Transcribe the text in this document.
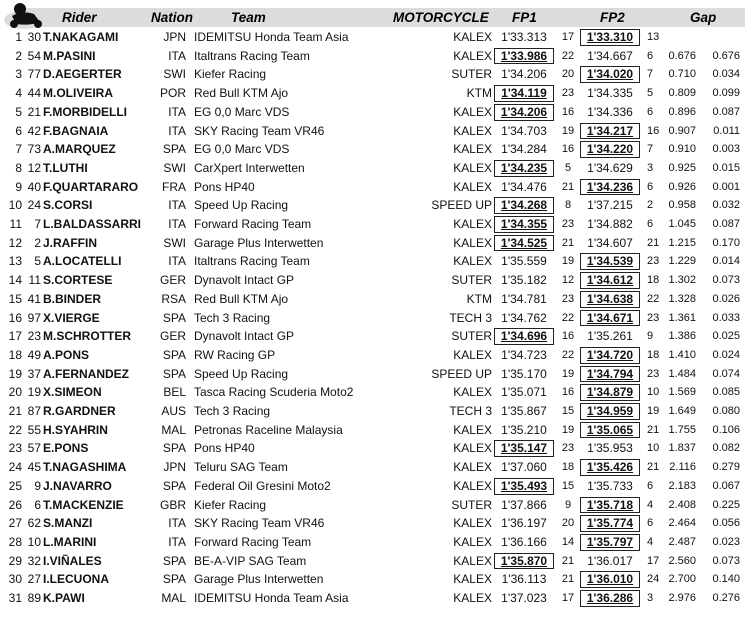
Rider	Nation	Team	MOTORCYCLE FP1	FP2	Gap
1 30 T.NAKAGAMI	JPN IDEMITSU Honda Team Asia	KALEX 1'33.313	17	1'33.310	13
2 54 M.PASINI	ITA Italtrans Racing Team	KALEX 1'33.986	22	1'34.667	6	0.676	0.676
3 77 D.AEGERTER	SWI Kiefer Racing	SUTER 1'34.206	20	1'34.020	7	0.710	0.034
4 44 M.OLIVEIRA	POR Red Bull KTM Ajo	KTM 1'34.119	23	1'34.335	5	0.809	0.099
5 21 F.MORBIDELLI	ITA EG 0,0 Marc VDS	KALEX 1'34.206	16	1'34.336	6	0.896	0.087
6 42 F.BAGNAIA	ITA SKY Racing Team VR46	KALEX 1'34.703	19	1'34.217	16 0.907	0.011
7 73 A.MARQUEZ	SPA EG 0,0 Marc VDS	KALEX 1'34.284	16	1'34.220	7	0.910	0.003
8 12 T.LUTHI	SWI CarXpert Interwetten	KALEX 1'34.235	5	1'34.629	3	0.925	0.015
9 40 F.QUARTARARO	FRA Pons HP40	KALEX 1'34.476	21	1'34.236	6	0.926	0.001
10 24 S.CORSI	ITA Speed Up Racing	SPEED UP 1'34.268	8	1'37.215	2	0.958	0.032
11	7 L.BALDASSARRI	ITA Forward Racing Team	KALEX 1'34.355	23	1'34.882	6	1.045	0.087
12	2 J.RAFFIN	SWI Garage Plus Interwetten	KALEX 1'34.525	21	1'34.607	21 1.215	0.170
13	5 A.LOCATELLI	ITA Italtrans Racing Team	KALEX 1'35.559	19	1'34.539	23 1.229	0.014
14 11 S.CORTESE	GER Dynavolt Intact GP	SUTER 1'35.182	12	1'34.612	18 1.302	0.073
15 41 B.BINDER	RSA Red Bull KTM Ajo	KTM 1'34.781	23	1'34.638	22 1.328	0.026
16 97 X.VIERGE	SPA Tech 3 Racing	TECH 3 1'34.762	22	1'34.671	23 1.361	0.033
17 23 M.SCHROTTER	GER Dynavolt Intact GP	SUTER 1'34.696	16	1'35.261	9	1.386	0.025
18 49 A.PONS	SPA RW Racing GP	KALEX 1'34.723	22	1'34.720	18 1.410	0.024
19 37 A.FERNANDEZ	SPA Speed Up Racing	SPEED UP 1'35.170	19	1'34.794	23 1.484	0.074
20 19 X.SIMEON	BEL Tasca Racing Scuderia Moto2	KALEX 1'35.071	16	1'34.879	10 1.569	0.085
21 87 R.GARDNER	AUS Tech 3 Racing	TECH 3 1'35.867	15	1'34.959	19 1.649	0.080
22 55 H.SYAHRIN	MAL Petronas Raceline Malaysia	KALEX 1'35.210	19	1'35.065	21 1.755	0.106
23 57 E.PONS	SPA Pons HP40	KALEX 1'35.147	23	1'35.953	10 1.837	0.082
24 45 T.NAGASHIMA	JPN Teluru SAG Team	KALEX 1'37.060	18	1'35.426	21 2.116	0.279
25	9 J.NAVARRO	SPA Federal Oil Gresini Moto2	KALEX 1'35.493	15	1'35.733	6	2.183	0.067
26	6 T.MACKENZIE	GBR Kiefer Racing	SUTER 1'37.866	9	1'35.718	4	2.408	0.225
27 62 S.MANZI	ITA SKY Racing Team VR46	KALEX 1'36.197	20	1'35.774	6	2.464	0.056
28 10 L.MARINI	ITA Forward Racing Team	KALEX 1'36.166	14	1'35.797	4	2.487	0.023
29 32 I.VIÑALES	SPA BE-A-VIP SAG Team	KALEX 1'35.870	21	1'36.017	17 2.560	0.073
30 27 I.LECUONA	SPA Garage Plus Interwetten	KALEX 1'36.113	21	1'36.010	24 2.700	0.140
31 89 K.PAWI	MAL IDEMITSU Honda Team Asia	KALEX 1'37.023	17	1'36.286	3	2.976	0.276
